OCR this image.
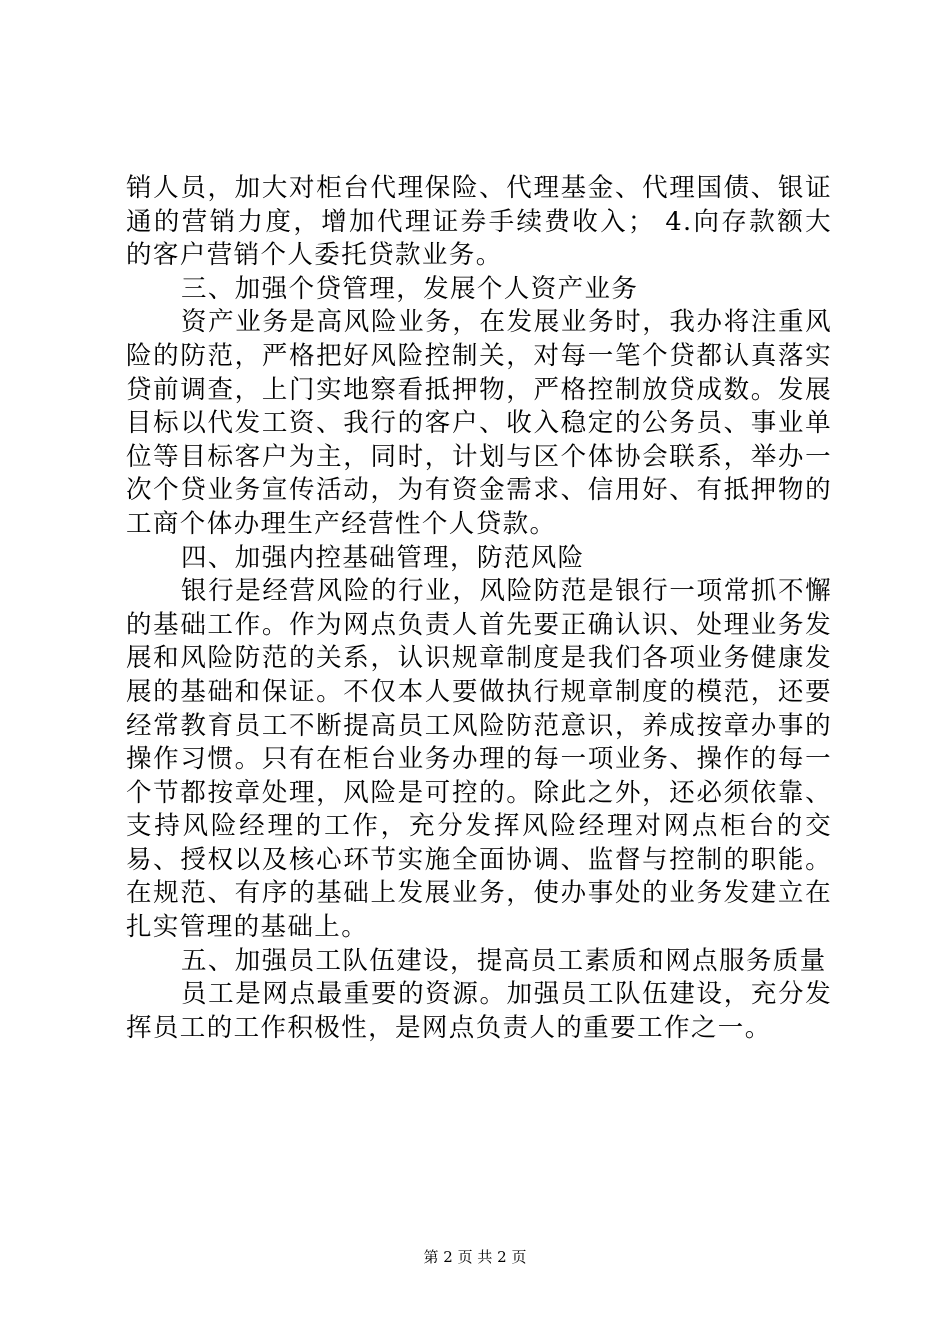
销人员，加大对柜台代理保险、代理基金、代理国债、银证通的营销力度，增加代理证券手续费收入； 4.向存款额大的客户营销个人委托贷款业务。

三、加强个贷管理，发展个人资产业务

资产业务是高风险业务，在发展业务时，我办将注重风险的防范，严格把好风险控制关，对每一笔个贷都认真落实贷前调查，上门实地察看抵押物，严格控制放贷成数。发展目标以代发工资、我行的客户、收入稳定的公务员、事业单位等目标客户为主，同时，计划与区个体协会联系，举办一次个贷业务宣传活动，为有资金需求、信用好、有抵押物的工商个体办理生产经营性个人贷款。

四、加强内控基础管理，防范风险

银行是经营风险的行业，风险防范是银行一项常抓不懈的基础工作。作为网点负责人首先要正确认识、处理业务发展和风险防范的关系，认识规章制度是我们各项业务健康发展的基础和保证。不仅本人要做执行规章制度的模范，还要经常教育员工不断提高员工风险防范意识，养成按章办事的操作习惯。只有在柜台业务办理的每一项业务、操作的每一个节都按章处理，风险是可控的。除此之外，还必须依靠、支持风险经理的工作，充分发挥风险经理对网点柜台的交易、授权以及核心环节实施全面协调、监督与控制的职能。在规范、有序的基础上发展业务，使办事处的业务发建立在扎实管理的基础上。

五、加强员工队伍建设，提高员工素质和网点服务质量

员工是网点最重要的资源。加强员工队伍建设，充分发挥员工的工作积极性，是网点负责人的重要工作之一。

第 2 页 共 2 页
